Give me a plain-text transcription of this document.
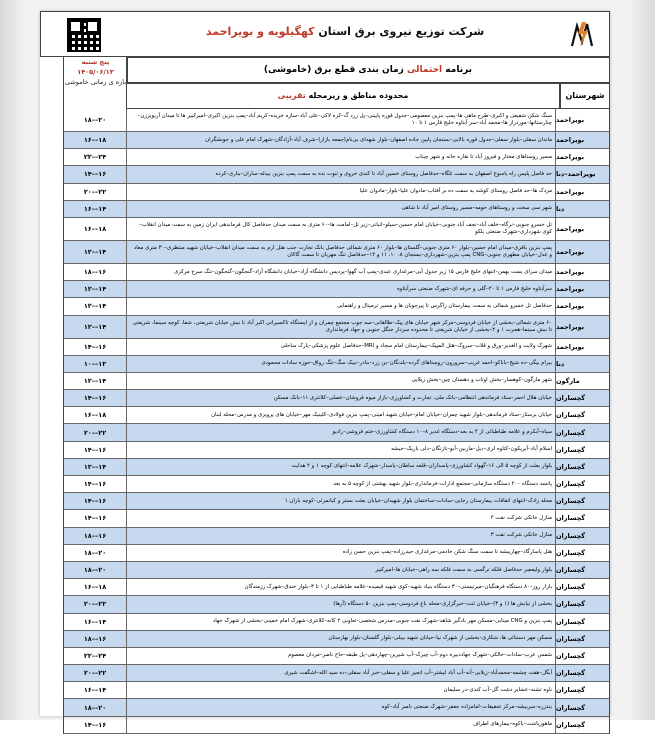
شرکت توزیع نیروی برق استان کهگیلویه و بویراحمد
پنج شنبه
۱۴۰۵/۰۶/۱۳
بازه ی زمانی خاموشی
برنامه احتمالی زمان بندی قطع برق (خاموشی)
محدوده مناطق و زیرمحله تقریبی	شهرستان
بویراحمد
سنگ شکن شفیعی و اکبری–طرح ماهی ها–پمپ بنزین معصومی–جدول قوره پایینی–پل زرد گ–کره لاکی–علی آباد–سازه خریده–کریم آباد–پمپ بنزین اکبری–امیرکبیر ها تا میدان آریوبرزن–چنارستانها–موردراز ها–محمد آباد–سر آبتاوه خلیج فارس ۱ تا ۱۰
۱۸––۲۰
بویراحمد
ماندان سفلی–بلوار سفلی–جدول قوره بالایی–بستجان پایین جاده اصفهان–بلوار شهدای بی‌نام(جمعه بازار)–شرف آباد–آزادگان–شهرک امام علی و جونشگران
۱۶––۱۸
بویراحمد
مسیر روستاهای مختار و فیروز آباد تا نقاره خانه و شهر چیتاب
۲۲––۲۴
بویراحمد–دنا
حد فاصل پلیس راه یاسوج اصفهان به سمت تلگاه–حدفاصل روستای خسین آباد تا کندی خروی و تنوت نده به سمت پمپ بنزین بیدله–ساران–بناری–کرده
۱۴––۱۶
بویراحمد
مزدک ها–حد فاصل روستای کوشه به سمت ده بر آفتاب–مادوان علیا–بلوار–مادوان علیا
۲۰––۲۲
دنا
شهر سی سخت و روستاهای حومه–مسیر روستای امیر آباد تا شاهی
۱۶––۱۴
بویراحمد
تل خسرو جنوبی–نرگاه–خلف آباد–نجف آباد جنوبی–خیابان امام حسین–سیلو–انبانی–زیر تل–امامت ها–۶۰ متری به سمت میدان حدفاصل کال فرماندهی ایران زمین به سمت میدان انقلاب–کوی شهرداری–شهرک صنعتی بلکو
۱۶––۱۸
بویراحمد
پمپ بنزین باقری–میدان امام حسین–بلوار ۶۰ متری جنوبی–گلستان ها–بلوار ۶۰ متری شمالی حدفاصل بانک تجارت جنب هتل ارم به سمت میدان انقلاب–خیابان شهید منتظری–۳۰ متری معاد و عدل–خیابان مطهری جنوبی–CNG پمپ بنزین–شهرداری–بستجان ۸، ۱۰، ۱۱ و ۱۲–حدفاصل تنگ مهریان تا سمت گاکان
۱۲––۱۴
بویراحمد
میدان سرای بست بهمن–انتهای خلیج فارس ۱۵ زیر جدول آبی–مرغداری عبدی–پمپ آب گهوا–پردیس دانشگاه آزاد–خیابان دانشگاه آزاد–گنجگون–گنجگون–تنگ سرخ مرکزی
۱۸––۱۶
بویراحمد
سرآبتاوه خلیج فارس ۱ تا ۲۰–گلی و حرفه ای–شهرک صنعتی سرآبتاوه
۱۲––۱۴
بویراحمد
حدفاصل تل خسرو شمالی به سمت بیمارستان زاگرس تا پیرجوبان ها و مسیر ترمینال و راهنمایی
۱۲––۱۴
بویراحمد
۶۰ متری شمالی–بخشی از خیابان فردوسی–مرکز شهر خیابان های پیک–طالقانی–سه جوب مجتمع چمران و از ایستگاه تاکسیرانی اکبر آباد تا نبش خیابان شریعتی، شفا، کوچه سینما، شریعتی تا نبش سینما–هجرت ۱ و ۲–بخشی از خیابان شریعتی تا محدوده سردار جنگل جنوبی و جهاد فرمانداری
۱۲––۱۴
بویراحمد
شهرک ولایت و الغدیر–ورق و قلات–سروک–هتل المپیک–بیمارستان امام سجاد و MRI–حدفاصل علوم پزشکی–پارک ساحلی
۱۴––۱۶
دنا
بیرام بیگی–ده شیخ–باباکو–احمد غریب–سرورون–روستاهای گرده–بلدنگان–بن زرد–بنادر–نبیک سگ–تنگ رواق–حوزه سادات محمودی
۱۰––۱۲
مارگون
شهر مارگون–کوهسار–بخش اوتاب و دهستان چین–بخش زیلایی
۱۲––۱۴
گچساران
خیابان هلال احمر–ستاد فرماندهی انتظامی–بانک ملی، تجارت و کشاورزی–بازار میوه فروشان–عصلی–کلانتری ۱۱–بانک مسکن
۱۴––۱۶
گچساران
خیابان برستار–ستاد فرماندهی–بلوار شهید چمران–خیابان امام–خیابان شهید امینی–پمپ بنزین فولادی–کلینیک مهر–خیابان های پرویزی و مدرس–محله لبنان
۱۶––۱۸
گچساران
سیاه–آبکرم و علامه طباطبائی از ۴ به بعد–دستگاه غدیر ۸–۱۰ دستگاه کشاورزی–ختم فروشی–رادیو
۲۰––۲۲
گچساران
اسلام آباد–آبریکون–کتاوه لری–دیل–ماربین–آبو–نازنگان–دلی باریک–خیشه
۱۴––۱۶
گچساران
بلوار بعثت از کوچه ۵ الی ۱۶–گهواد کشاورزی–پاسداران–قلعه ساطان–پاسدار–شهرک علامه–انتهای کوچه ۱ و ۲ هدایت
۱۲––۱۴
گچساران
پاتسد دستگاه ۲۰۰ دستگاه سازمانی–مجتمع ادارات–فرمانداری–بلوار شهید بهشتی از کوچه ۵ به بعد
۱۴––۱۶
گچساران
محله زادک–انتهای اتفاقات بیمارستان رجایی–سادات–ساختمان بلوار شهیدان–خیابان بعثت بستر و کیانمرثی–کوچه باران ۱
۱۴––۱۶
گچساران
منازل خانکی شرکت نفت ۴
۱۴––۱۶
گچساران
منازل خانکی شرکت نفت ۳
۱۸––۱۶
گچساران
هتل پاسارگاد–چهاربیشه تا سمت سنگ شکن خادمی–مرغداری حیدرزاده–پمپ بنزین حسن زاده
۱۸––۲۰
گچساران
بلوار ولیعصر حدفاصل فلکه نرگسی به سمت فلکه سه راهی–خیابان ها–امیرکبیر
۱۸––۲۰
گچساران
بازار روز–۸۰ دستگاه فرهنگیان–میرنیستی–۳۰ دستگاه بنیاد شهید–کوی شهید قیمیده–علامه طباطبایی از ۱ تا ۳–بلوار خندق–شهرک رزمندگان
۱۶––۱۸
گچساران
بخشی از نیابش ها (۱ و ۳)–خیابان ثنت–خبرگزاری–محله باغ فردوسی–پمپ بنزین ۵۰ دستگاه (آرها)
۲۰––۲۲
گچساران
پمپ بنزین و CNG مینابی–مسکن مهر بادگیر شاهد–شهرک نفت جنوبی–مدرس شخصی–تعاونی ۲ کانه–کلانتری–شهرک امام خمینی–بخشی از شهرک جهاد
۱۶––۱۴
گچساران
مسکن مهر دستنائی ها، شکاری–بخشی از شهرک نیا–خیابان شهید بیبلی–بلوار گلستان–بلوار بهارستان
۱۸––۱۶
گچساران
شمس عرب–سادات–خالکی–شهرک جهاددبیره دوم–آب چیرک–آب شیرین–چهاردهی–پل طبقه–حاج ناصر–مردان معصوم
۲۲––۲۴
گچساران
آبگل–هفت چشمه–محمدآباد–زیلایی–آنه–آب آباد لیشتر–آب انجیر علیا و سفلی–خبر آباد سفلی–ده سید الله–اشگفت شیری
۲۰––۲۲
گچساران
ناوه تشنه–عشایر دشت گل–آب کندی–در سلیمان
۱۶––۱۴
گچساران
بندزره–سربیشه–مرکز تحقیقات–امامزاده جعفر–شهرک صنعتی ناصر آباد–کوه
۱۸––۲۰
گچساران
ماهوریاشت–باکوه–بیمارهای اطراف
۱۴––۱۶
